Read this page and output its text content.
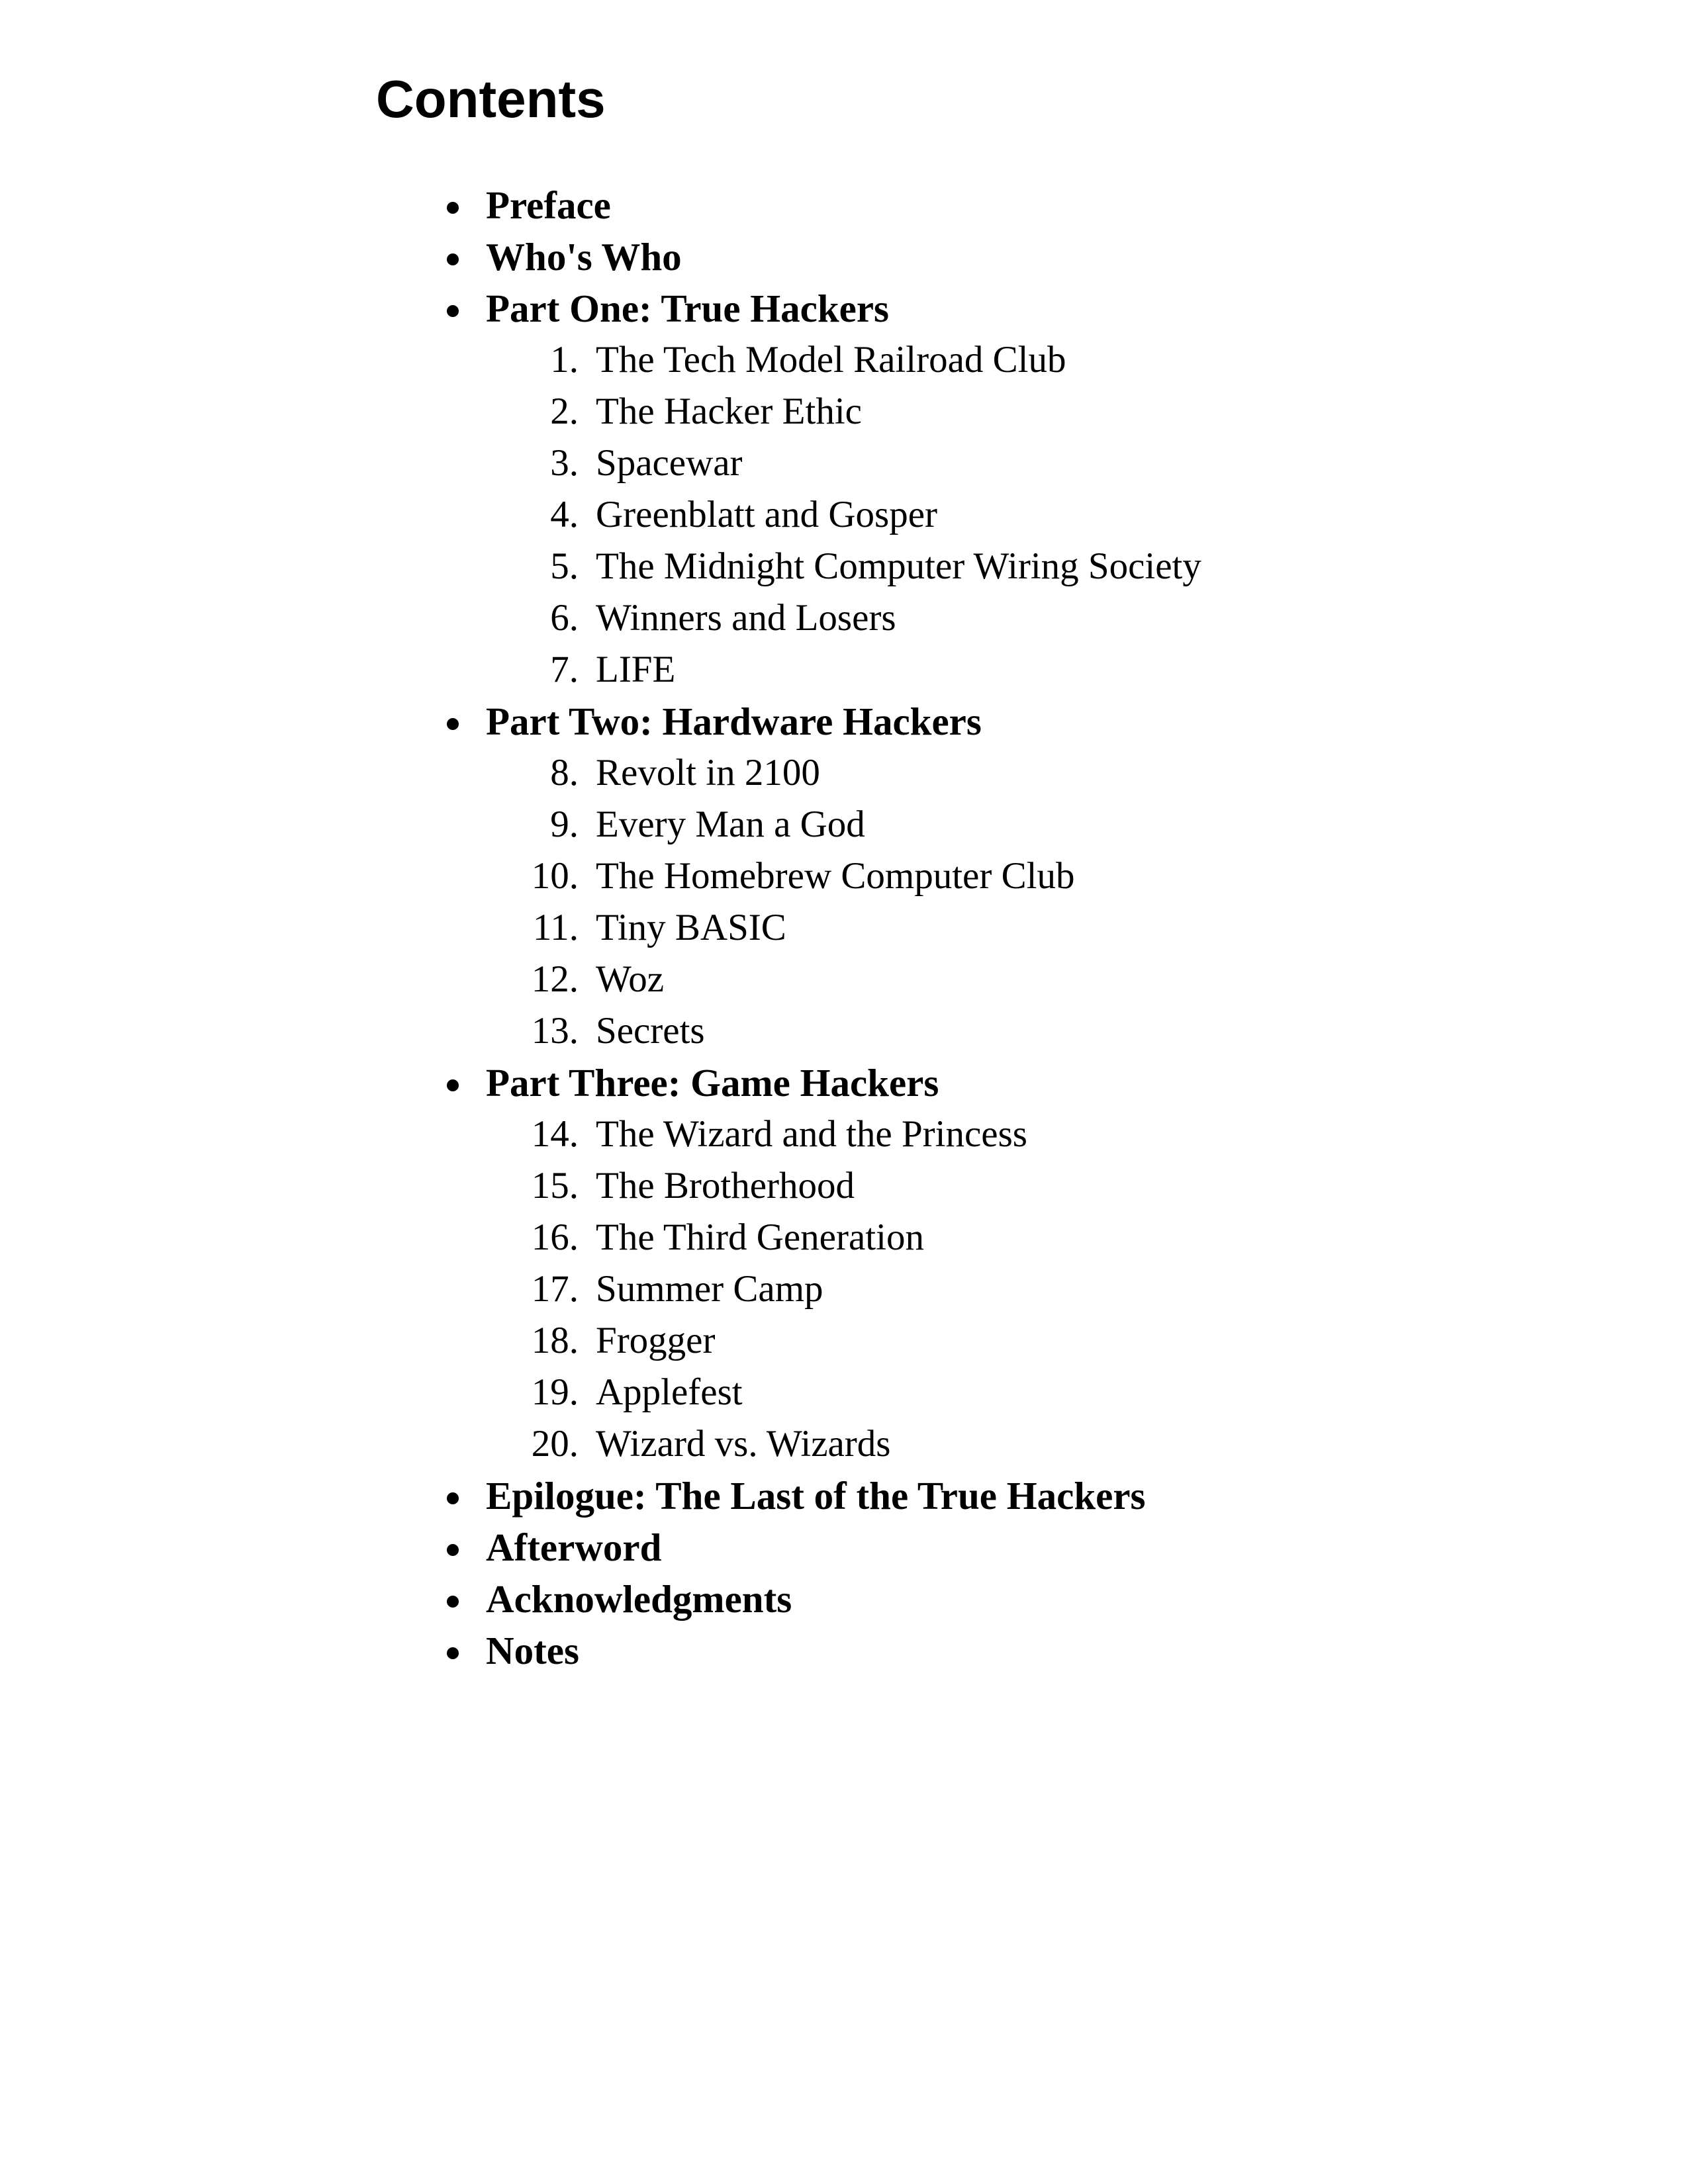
Contents
Preface
Who's Who
Part One: True Hackers
1. The Tech Model Railroad Club
2. The Hacker Ethic
3. Spacewar
4. Greenblatt and Gosper
5. The Midnight Computer Wiring Society
6. Winners and Losers
7. LIFE
Part Two: Hardware Hackers
8. Revolt in 2100
9. Every Man a God
10. The Homebrew Computer Club
11. Tiny BASIC
12. Woz
13. Secrets
Part Three: Game Hackers
14. The Wizard and the Princess
15. The Brotherhood
16. The Third Generation
17. Summer Camp
18. Frogger
19. Applefest
20. Wizard vs. Wizards
Epilogue: The Last of the True Hackers
Afterword
Acknowledgments
Notes
